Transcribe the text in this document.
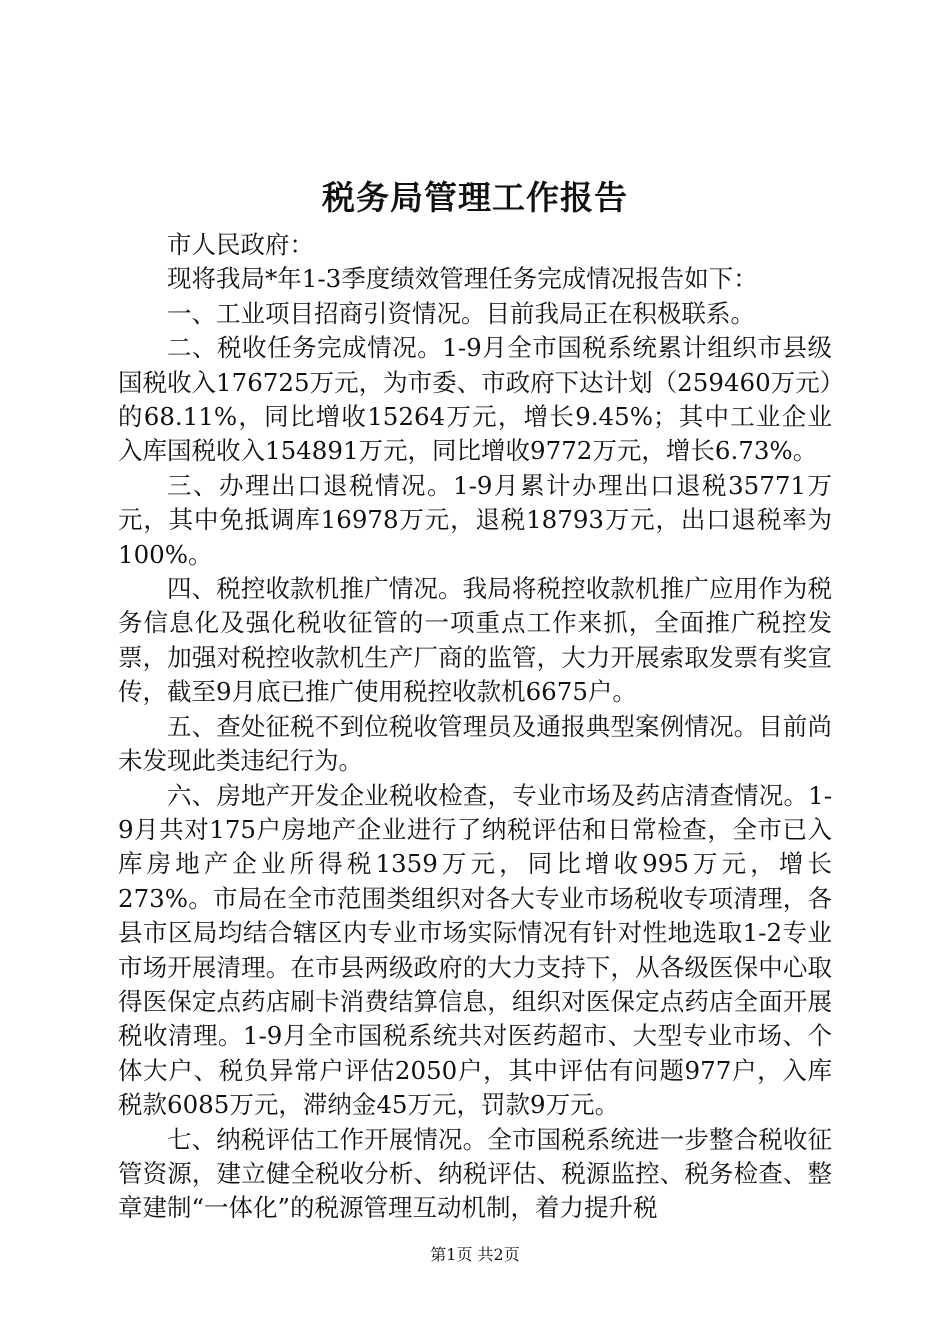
税务局管理工作报告

市人民政府：

现将我局*年1-3季度绩效管理任务完成情况报告如下：

一、工业项目招商引资情况。目前我局正在积极联系。

二、税收任务完成情况。1-9月全市国税系统累计组织市县级国税收入176725万元，为市委、市政府下达计划（259460万元）的68.11%，同比增收15264万元，增长9.45%；其中工业企业入库国税收入154891万元，同比增收9772万元，增长6.73%。

三、办理出口退税情况。1-9月累计办理出口退税35771万元，其中免抵调库16978万元，退税18793万元，出口退税率为100%。

四、税控收款机推广情况。我局将税控收款机推广应用作为税务信息化及强化税收征管的一项重点工作来抓，全面推广税控发票，加强对税控收款机生产厂商的监管，大力开展索取发票有奖宣传，截至9月底已推广使用税控收款机6675户。

五、查处征税不到位税收管理员及通报典型案例情况。目前尚未发现此类违纪行为。

六、房地产开发企业税收检查，专业市场及药店清查情况。1-9月共对175户房地产企业进行了纳税评估和日常检查，全市已入库房地产企业所得税1359万元，同比增收995万元，增长273%。市局在全市范围类组织对各大专业市场税收专项清理，各县市区局均结合辖区内专业市场实际情况有针对性地选取1-2专业市场开展清理。在市县两级政府的大力支持下，从各级医保中心取得医保定点药店刷卡消费结算信息，组织对医保定点药店全面开展税收清理。1-9月全市国税系统共对医药超市、大型专业市场、个体大户、税负异常户评估2050户，其中评估有问题977户，入库税款6085万元，滞纳金45万元，罚款9万元。

七、纳税评估工作开展情况。全市国税系统进一步整合税收征管资源，建立健全税收分析、纳税评估、税源监控、税务检查、整章建制“一体化”的税源管理互动机制，着力提升税

第1页 共2页
